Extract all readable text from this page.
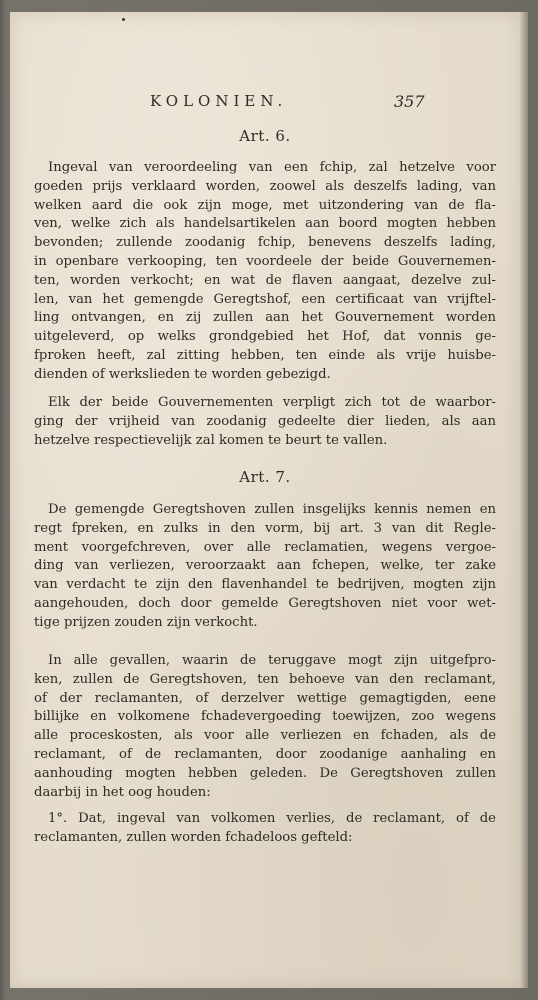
KOLONIEN.	357
Art. 6.
Ingeval van veroordeeling van een fchip, zal hetzelve voor
goeden prijs verklaard worden, zoowel als deszelfs lading, van
welken aard die ook zijn moge, met uitzondering van de fla-
ven, welke zich als handelsartikelen aan boord mogten hebben
bevonden; zullende zoodanig fchip, benevens deszelfs lading,
in openbare verkooping, ten voordeele der beide Gouvernemen-
ten, worden verkocht; en wat de flaven aangaat, dezelve zul-
len, van het gemengde Geregtshof, een certificaat van vrijftel-
ling ontvangen, en zij zullen aan het Gouvernement worden
uitgeleverd, op welks grondgebied het Hof, dat vonnis ge-
fproken heeft, zal zitting hebben, ten einde als vrije huisbe-
dienden of werkslieden te worden gebezigd.
Elk der beide Gouvernementen verpligt zich tot de waarbor-
ging der vrijheid van zoodanig gedeelte dier lieden, als aan
hetzelve respectievelijk zal komen te beurt te vallen.
Art. 7.
De gemengde Geregtshoven zullen insgelijks kennis nemen en
regt fpreken, en zulks in den vorm, bij art. 3 van dit Regle-
ment voorgefchreven, over alle reclamatien, wegens vergoe-
ding van verliezen, veroorzaakt aan fchepen, welke, ter zake
van verdacht te zijn den flavenhandel te bedrijven, mogten zijn
aangehouden, doch door gemelde Geregtshoven niet voor wet-
tige prijzen zouden zijn verkocht.
In alle gevallen, waarin de teruggave mogt zijn uitgefpro-
ken, zullen de Geregtshoven, ten behoeve van den reclamant,
of der reclamanten, of derzelver wettige gemagtigden, eene
billijke en volkomene fchadevergoeding toewijzen, zoo wegens
alle proceskosten, als voor alle verliezen en fchaden, als de
reclamant, of de reclamanten, door zoodanige aanhaling en
aanhouding mogten hebben geleden. De Geregtshoven zullen
daarbij in het oog houden:
1°. Dat, ingeval van volkomen verlies, de reclamant, of de
reclamanten, zullen worden fchadeloos gefteld:
